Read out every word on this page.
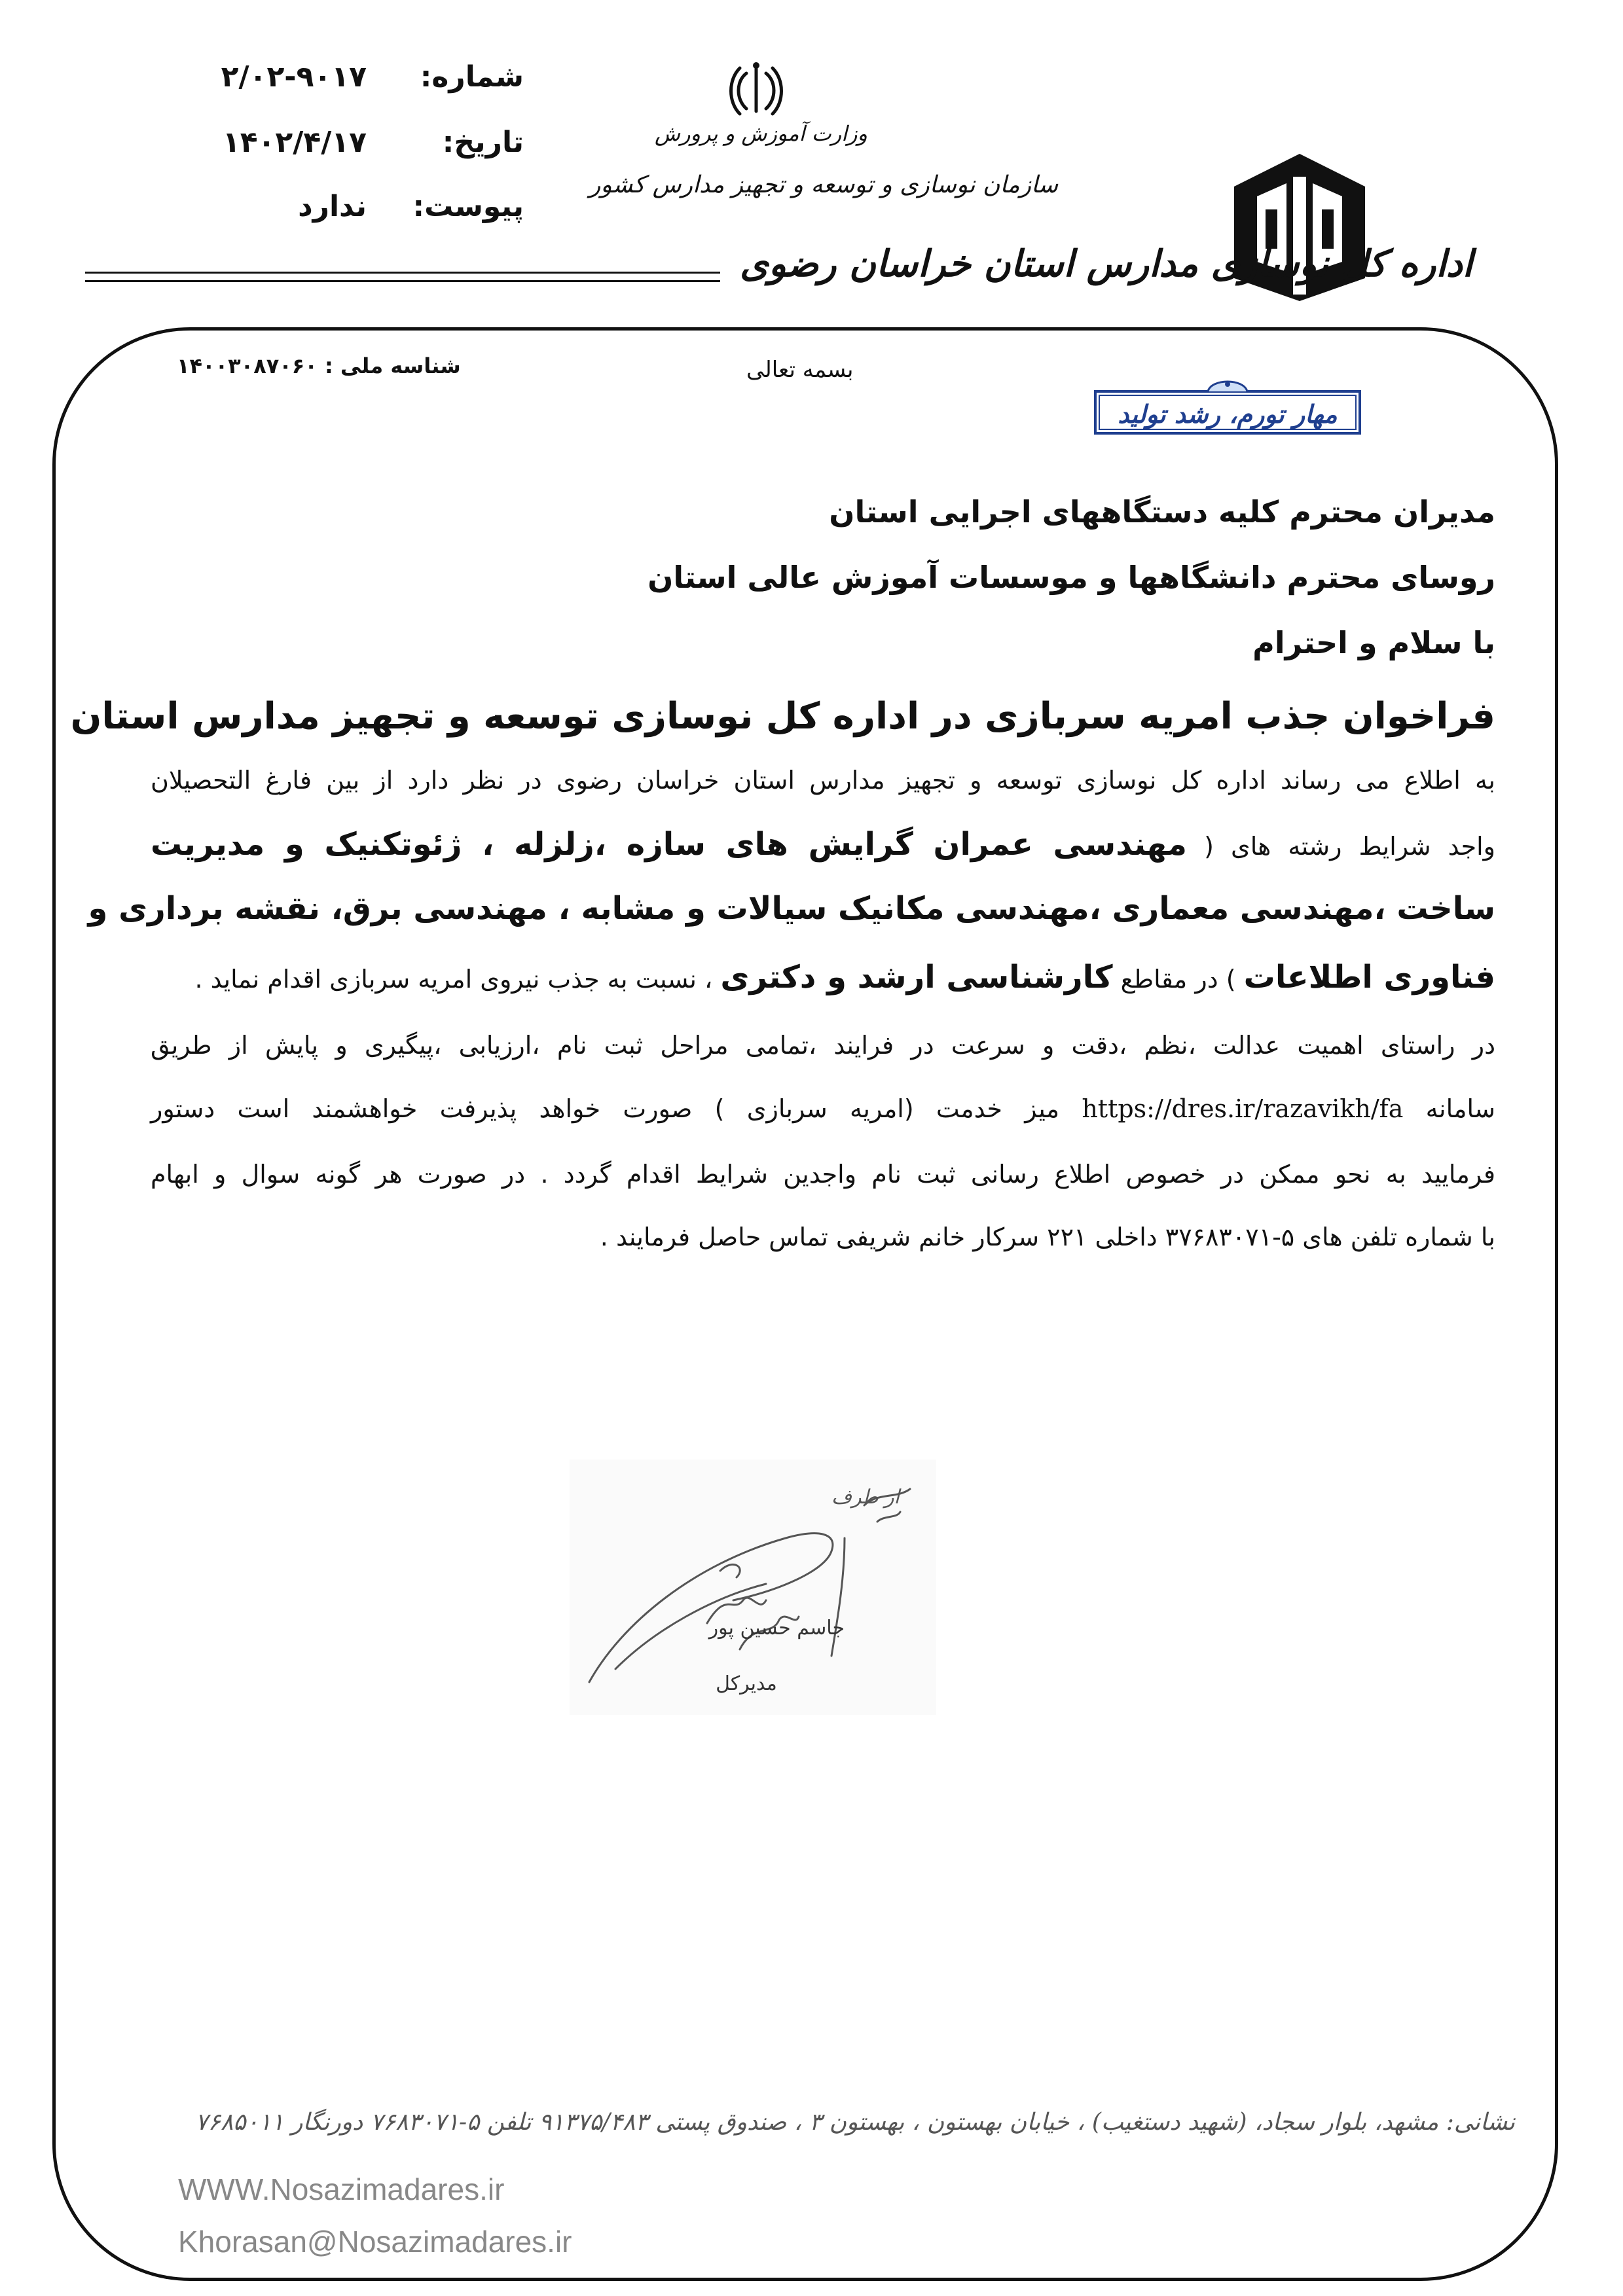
شماره:
۲/۰۲-۹۰۱۷
تاریخ:
۱۴۰۲/۴/۱۷
پیوست:
ندارد
وزارت آموزش و پرورش
سازمان نوسازی و توسعه و تجهیز مدارس کشور
اداره کل نوسازی مدارس استان خراسان رضوی
شناسه ملی : ۱۴۰۰۳۰۸۷۰۶۰	بسمه تعالی
مهار تورم، رشد تولید
مدیران محترم کلیه دستگاههای اجرایی استان
روسای محترم دانشگاهها و موسسات آموزش عالی استان
با سلام و احترام
فراخوان جذب امریه سربازی در اداره کل نوسازی توسعه و تجهیز مدارس استان
به اطلاع می رساند اداره کل نوسازی توسعه و تجهیز مدارس استان خراسان رضوی در نظر دارد از بین فارغ التحصیلان
واجد شرایط رشته های ( مهندسی عمران گرایش های سازه ،زلزله ، ژئوتکنیک و مدیریت
ساخت ،مهندسی معماری ،مهندسی مکانیک سیالات و مشابه ، مهندسی برق، نقشه برداری و
فناوری اطلاعات ) در مقاطع کارشناسی ارشد و دکتری ، نسبت به جذب نیروی امریه سربازی اقدام نماید .
در راستای اهمیت عدالت ،نظم ،دقت و سرعت در فرایند ،تمامی مراحل ثبت نام ،ارزیابی ،پیگیری و پایش از طریق
سامانه https://dres.ir/razavikh/fa میز خدمت (امریه سربازی ) صورت خواهد پذیرفت خواهشمند است دستور
فرمایید به نحو ممکن در خصوص اطلاع رسانی ثبت نام واجدین شرایط اقدام گردد . در صورت هر گونه سوال و ابهام
با شماره تلفن های ۵-۳۷۶۸۳۰۷۱ داخلی ۲۲۱ سرکار خانم شریفی تماس حاصل فرمایند .
از طرف
جاسم حسین پور
مدیرکل
نشانی: مشهد، بلوار سجاد، (شهید دستغیب) ، خیابان بهستون ، بهستون ۳ ، صندوق پستی ۹۱۳۷۵/۴۸۳ تلفن ۵-۷۶۸۳۰۷۱ دورنگار ۷۶۸۵۰۱۱
WWW.Nosazimadares.ir
Khorasan@Nosazimadares.ir
